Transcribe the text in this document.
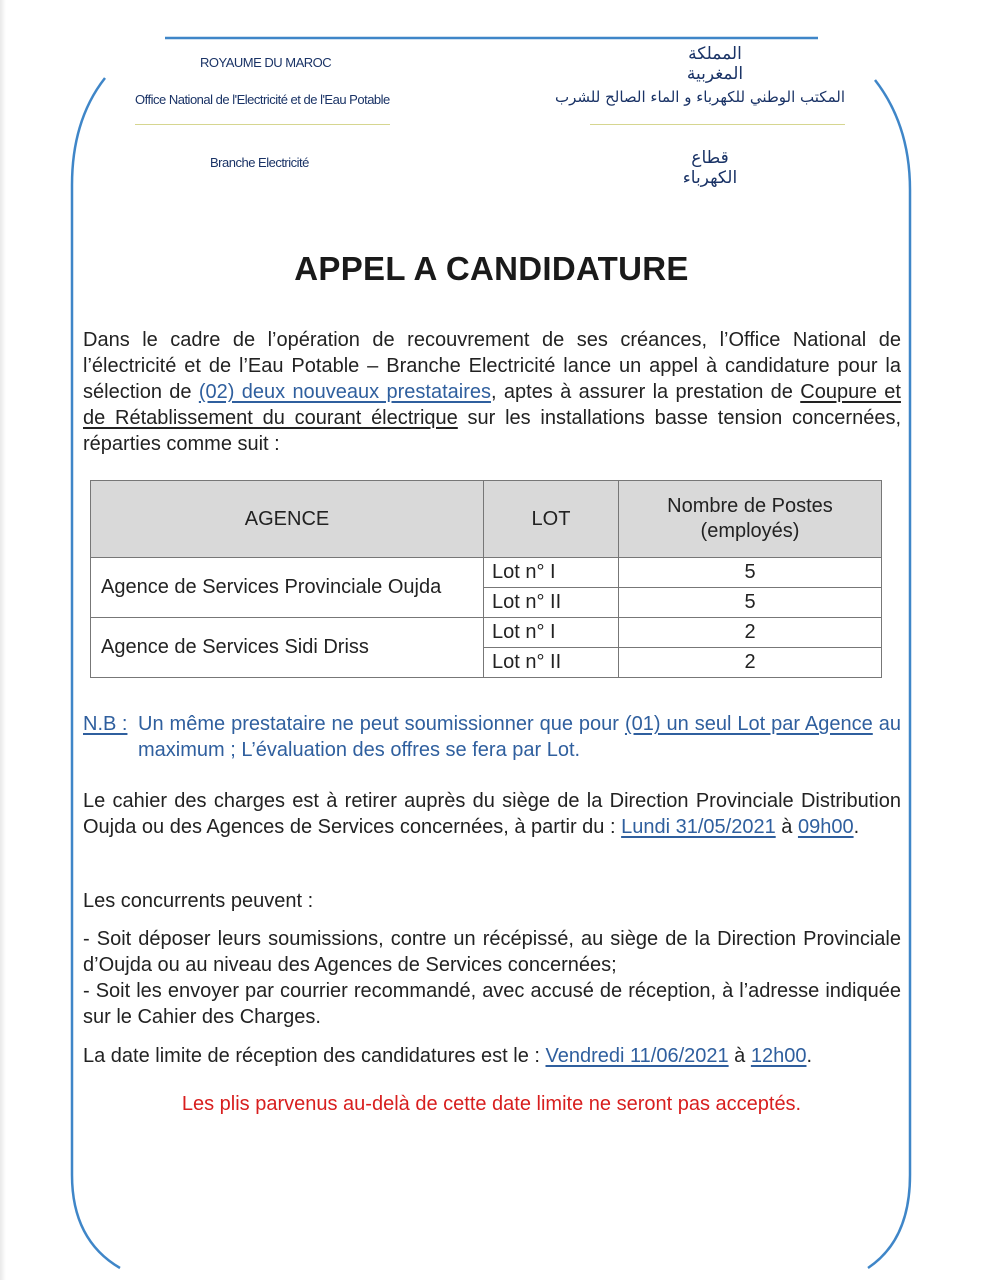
ROYAUME DU MAROC
Office National de l'Electricité et de l'Eau Potable
Branche Electricité
المملكة المغربية
المكتب الوطني للكهرباء و الماء الصالح للشرب
قطاع الكهرباء
APPEL A CANDIDATURE

Dans le cadre de l’opération de recouvrement de ses créances, l’Office National de l’électricité et de l’Eau Potable – Branche Electricité lance un appel à candidature pour la sélection de (02) deux nouveaux prestataires, aptes à assurer la prestation de Coupure et de Rétablissement du courant électrique sur les installations basse tension concernées, réparties comme suit :

AGENCE	LOT	Nombre de Postes (employés)
Agence de Services Provinciale Oujda	Lot n° I	5
	Lot n° II	5
Agence de Services Sidi Driss	Lot n° I	2
	Lot n° II	2
N.B : Un même prestataire ne peut soumissionner que pour (01) un seul Lot par Agence au maximum ; L’évaluation des offres se fera par Lot.

Le cahier des charges est à retirer auprès du siège de la Direction Provinciale Distribution Oujda ou des Agences de Services concernées, à partir du : Lundi 31/05/2021 à 09h00.

Les concurrents peuvent :

- Soit déposer leurs soumissions, contre un récépissé, au siège de la Direction Provinciale d’Oujda ou au niveau des Agences de Services concernées;

- Soit les envoyer par courrier recommandé, avec accusé de réception, à l’adresse indiquée sur le Cahier des Charges.

La date limite de réception des candidatures est le : Vendredi 11/06/2021 à 12h00.

Les plis parvenus au-delà de cette date limite ne seront pas acceptés.
